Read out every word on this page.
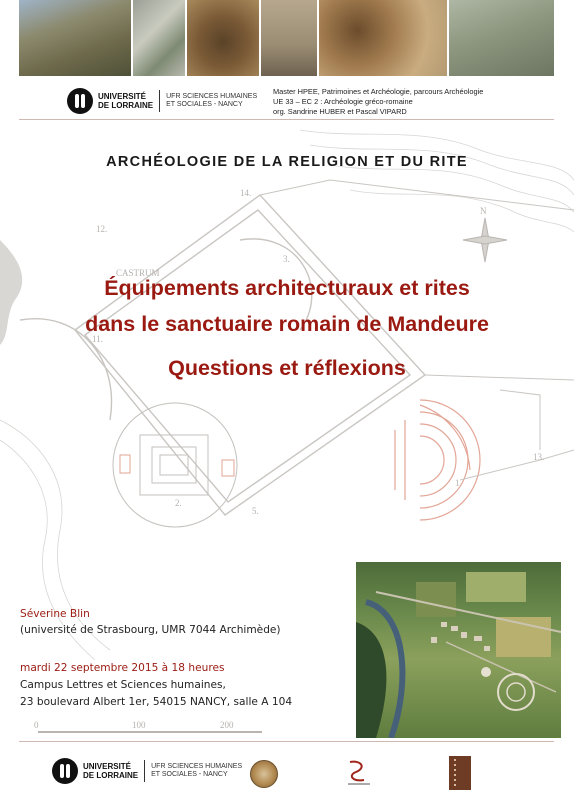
UNIVERSITÉ
DE LORRAINE
UFR SCIENCES HUMAINES
ET SOCIALES - NANCY
Master HPEE, Patrimoines et Archéologie, parcours Archéologie
UE 33 – EC 2 : Archéologie gréco-romaine
org. Sandrine HUBER et Pascal VIPARD
N
CASTRUM
1.
2.
3.
5.
11.
12.
13.
14.
0	100	200
ARCHÉOLOGIE DE LA RELIGION ET DU RITE
Équipements architecturaux et rites
dans le sanctuaire romain de Mandeure
Questions et réflexions
Séverine Blin
(université de Strasbourg, UMR 7044 Archimède)
mardi 22 septembre 2015 à 18 heures
Campus Lettres et Sciences humaines,
23 boulevard Albert 1er, 54015 NANCY, salle A 104
UNIVERSITÉ
DE LORRAINE
UFR SCIENCES HUMAINES
ET SOCIALES - NANCY
